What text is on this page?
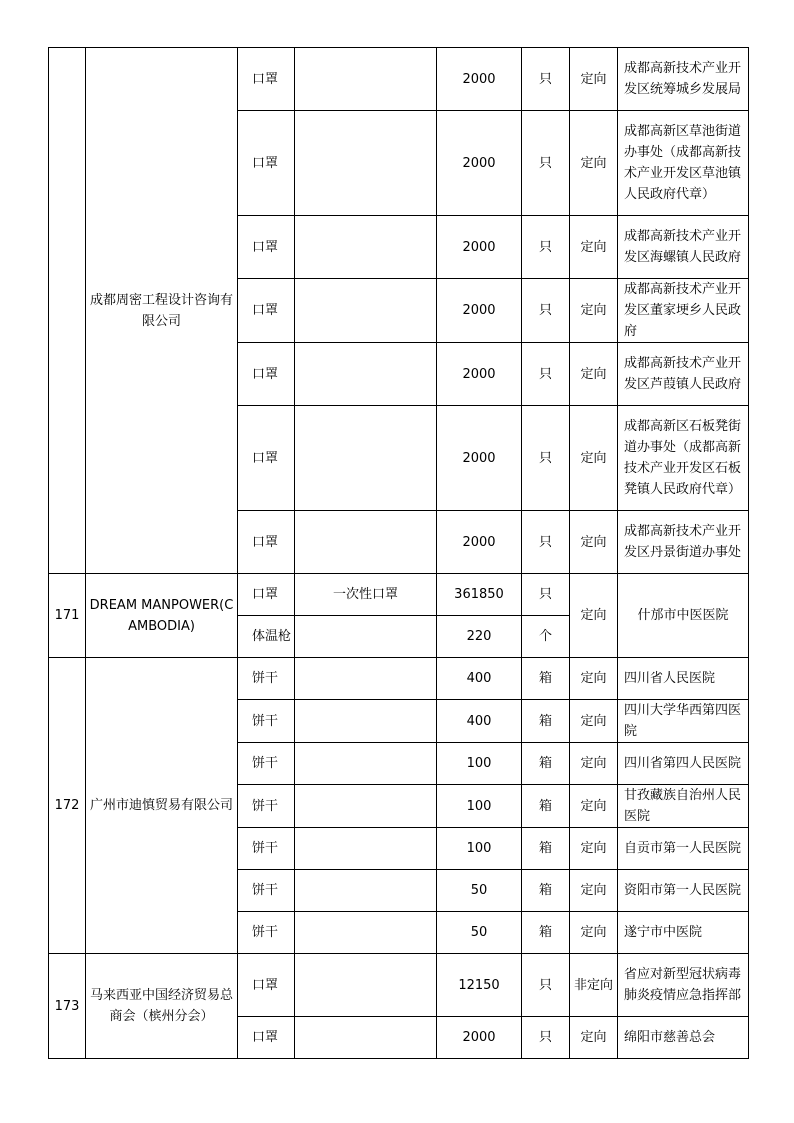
	成都周密工程设计咨询有限公司	口罩		2000	只	定向	成都高新技术产业开发区统筹城乡发展局
		口罩		2000	只	定向	成都高新区草池街道办事处（成都高新技术产业开发区草池镇人民政府代章）
		口罩		2000	只	定向	成都高新技术产业开发区海螺镇人民政府
		口罩		2000	只	定向	成都高新技术产业开发区董家埂乡人民政府
		口罩		2000	只	定向	成都高新技术产业开发区芦葭镇人民政府
		口罩		2000	只	定向	成都高新区石板凳街道办事处（成都高新技术产业开发区石板凳镇人民政府代章）
		口罩		2000	只	定向	成都高新技术产业开发区丹景街道办事处
171	DREAM MANPOWER(CAMBODIA)	口罩	一次性口罩	361850	只	定向	什邡市中医医院
		体温枪		220	个		
172	广州市迪慎贸易有限公司	饼干		400	箱	定向	四川省人民医院
		饼干		400	箱	定向	四川大学华西第四医院
		饼干		100	箱	定向	四川省第四人民医院
		饼干		100	箱	定向	甘孜藏族自治州人民医院
		饼干		100	箱	定向	自贡市第一人民医院
		饼干		50	箱	定向	资阳市第一人民医院
		饼干		50	箱	定向	遂宁市中医院
173	马来西亚中国经济贸易总商会（槟州分会）	口罩		12150	只	非定向	省应对新型冠状病毒肺炎疫情应急指挥部
		口罩		2000	只	定向	绵阳市慈善总会
